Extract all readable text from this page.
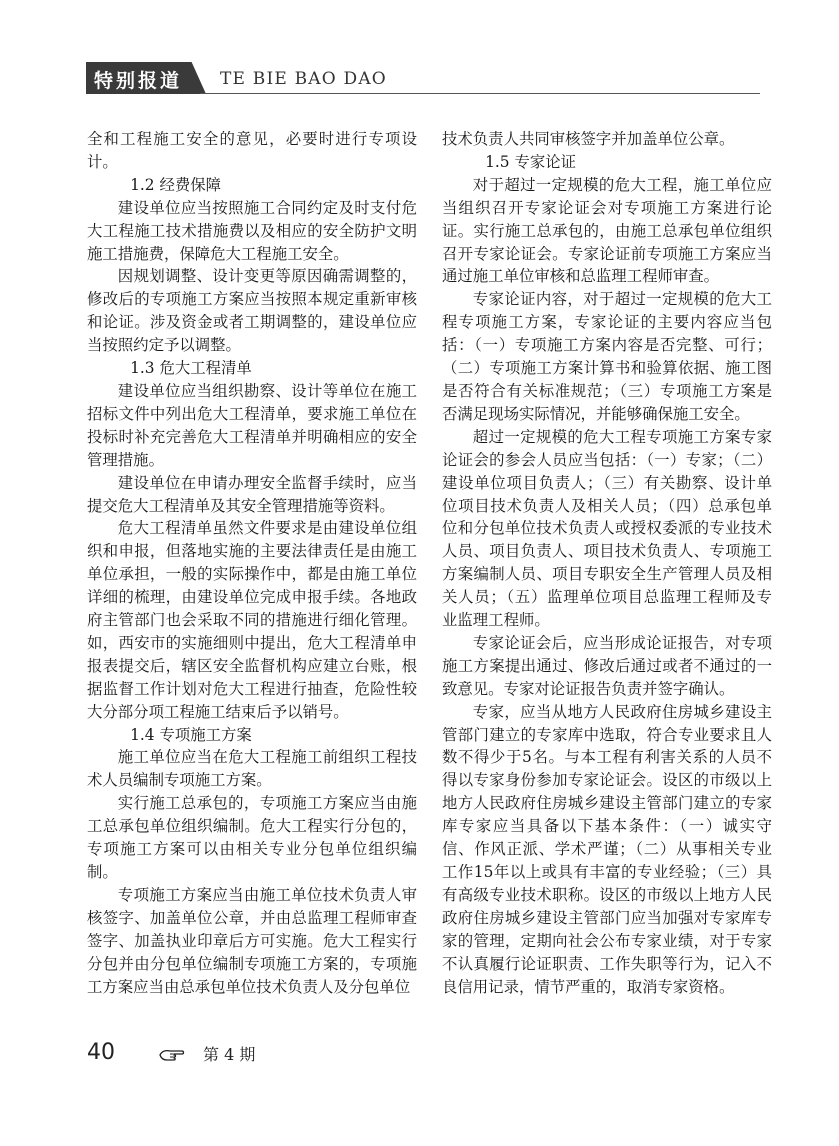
特别报道 TE BIE BAO DAO

全和工程施工安全的意见，必要时进行专项设计。

1.2 经费保障

建设单位应当按照施工合同约定及时支付危大工程施工技术措施费以及相应的安全防护文明施工措施费，保障危大工程施工安全。

因规划调整、设计变更等原因确需调整的，修改后的专项施工方案应当按照本规定重新审核和论证。涉及资金或者工期调整的，建设单位应当按照约定予以调整。

1.3 危大工程清单

建设单位应当组织勘察、设计等单位在施工招标文件中列出危大工程清单，要求施工单位在投标时补充完善危大工程清单并明确相应的安全管理措施。

建设单位在申请办理安全监督手续时，应当提交危大工程清单及其安全管理措施等资料。

危大工程清单虽然文件要求是由建设单位组织和申报，但落地实施的主要法律责任是由施工单位承担，一般的实际操作中，都是由施工单位详细的梳理，由建设单位完成申报手续。各地政府主管部门也会采取不同的措施进行细化管理。如，西安市的实施细则中提出，危大工程清单申报表提交后，辖区安全监督机构应建立台账，根据监督工作计划对危大工程进行抽查，危险性较大分部分项工程施工结束后予以销号。

1.4 专项施工方案

施工单位应当在危大工程施工前组织工程技术人员编制专项施工方案。

实行施工总承包的，专项施工方案应当由施工总承包单位组织编制。危大工程实行分包的，专项施工方案可以由相关专业分包单位组织编制。

专项施工方案应当由施工单位技术负责人审核签字、加盖单位公章，并由总监理工程师审查签字、加盖执业印章后方可实施。危大工程实行分包并由分包单位编制专项施工方案的，专项施工方案应当由总承包单位技术负责人及分包单位

技术负责人共同审核签字并加盖单位公章。

1.5 专家论证

对于超过一定规模的危大工程，施工单位应当组织召开专家论证会对专项施工方案进行论证。实行施工总承包的，由施工总承包单位组织召开专家论证会。专家论证前专项施工方案应当通过施工单位审核和总监理工程师审查。

专家论证内容，对于超过一定规模的危大工程专项施工方案，专家论证的主要内容应当包括：（一）专项施工方案内容是否完整、可行；（二）专项施工方案计算书和验算依据、施工图是否符合有关标准规范；（三）专项施工方案是否满足现场实际情况，并能够确保施工安全。

超过一定规模的危大工程专项施工方案专家论证会的参会人员应当包括：（一）专家；（二）建设单位项目负责人；（三）有关勘察、设计单位项目技术负责人及相关人员；（四）总承包单位和分包单位技术负责人或授权委派的专业技术人员、项目负责人、项目技术负责人、专项施工方案编制人员、项目专职安全生产管理人员及相关人员；（五）监理单位项目总监理工程师及专业监理工程师。

专家论证会后，应当形成论证报告，对专项施工方案提出通过、修改后通过或者不通过的一致意见。专家对论证报告负责并签字确认。

专家，应当从地方人民政府住房城乡建设主管部门建立的专家库中选取，符合专业要求且人数不得少于5名。与本工程有利害关系的人员不得以专家身份参加专家论证会。设区的市级以上地方人民政府住房城乡建设主管部门建立的专家库专家应当具备以下基本条件：（一）诚实守信、作风正派、学术严谨；（二）从事相关专业工作15年以上或具有丰富的专业经验；（三）具有高级专业技术职称。设区的市级以上地方人民政府住房城乡建设主管部门应当加强对专家库专家的管理，定期向社会公布专家业绩，对于专家不认真履行论证职责、工作失职等行为，记入不良信用记录，情节严重的，取消专家资格。

40	第 4 期
